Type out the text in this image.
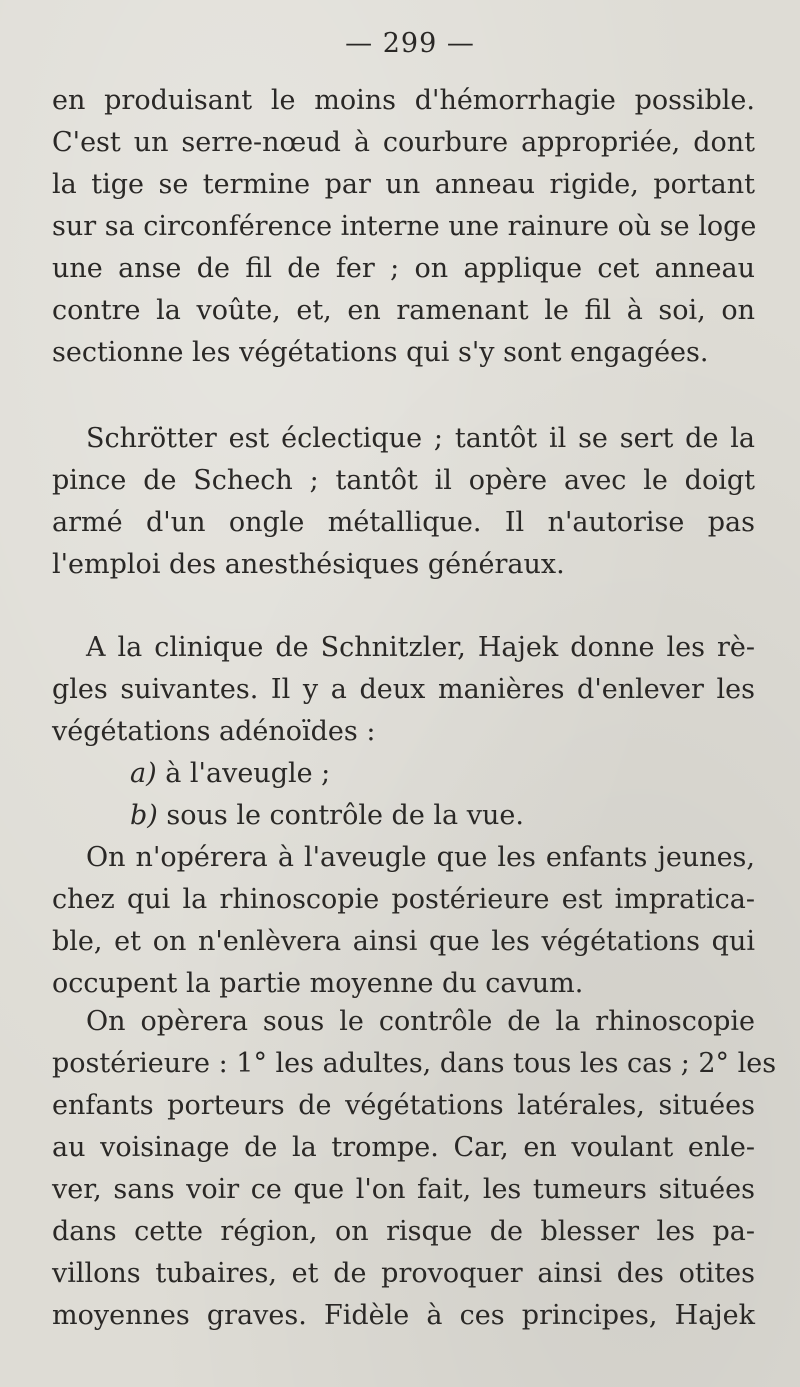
— 299 —
en produisant le moins d'hémorrhagie possible.
C'est un serre-nœud à courbure appropriée, dont
la tige se termine par un anneau rigide, portant
sur sa circonférence interne une rainure où se loge
une anse de fil de fer ; on applique cet anneau
contre la voûte, et, en ramenant le fil à soi, on
sectionne les végétations qui s'y sont engagées.
Schrötter est éclectique ; tantôt il se sert de la
pince de Schech ; tantôt il opère avec le doigt
armé d'un ongle métallique. Il n'autorise pas
l'emploi des anesthésiques généraux.
A la clinique de Schnitzler, Hajek donne les rè-
gles suivantes. Il y a deux manières d'enlever les
végétations adénoïdes :
a) à l'aveugle ;
b) sous le contrôle de la vue.
On n'opérera à l'aveugle que les enfants jeunes,
chez qui la rhinoscopie postérieure est impratica-
ble, et on n'enlèvera ainsi que les végétations qui
occupent la partie moyenne du cavum.
On opèrera sous le contrôle de la rhinoscopie
postérieure : 1° les adultes, dans tous les cas ; 2° les
enfants porteurs de végétations latérales, situées
au voisinage de la trompe. Car, en voulant enle-
ver, sans voir ce que l'on fait, les tumeurs situées
dans cette région, on risque de blesser les pa-
villons tubaires, et de provoquer ainsi des otites
moyennes graves. Fidèle à ces principes, Hajek
